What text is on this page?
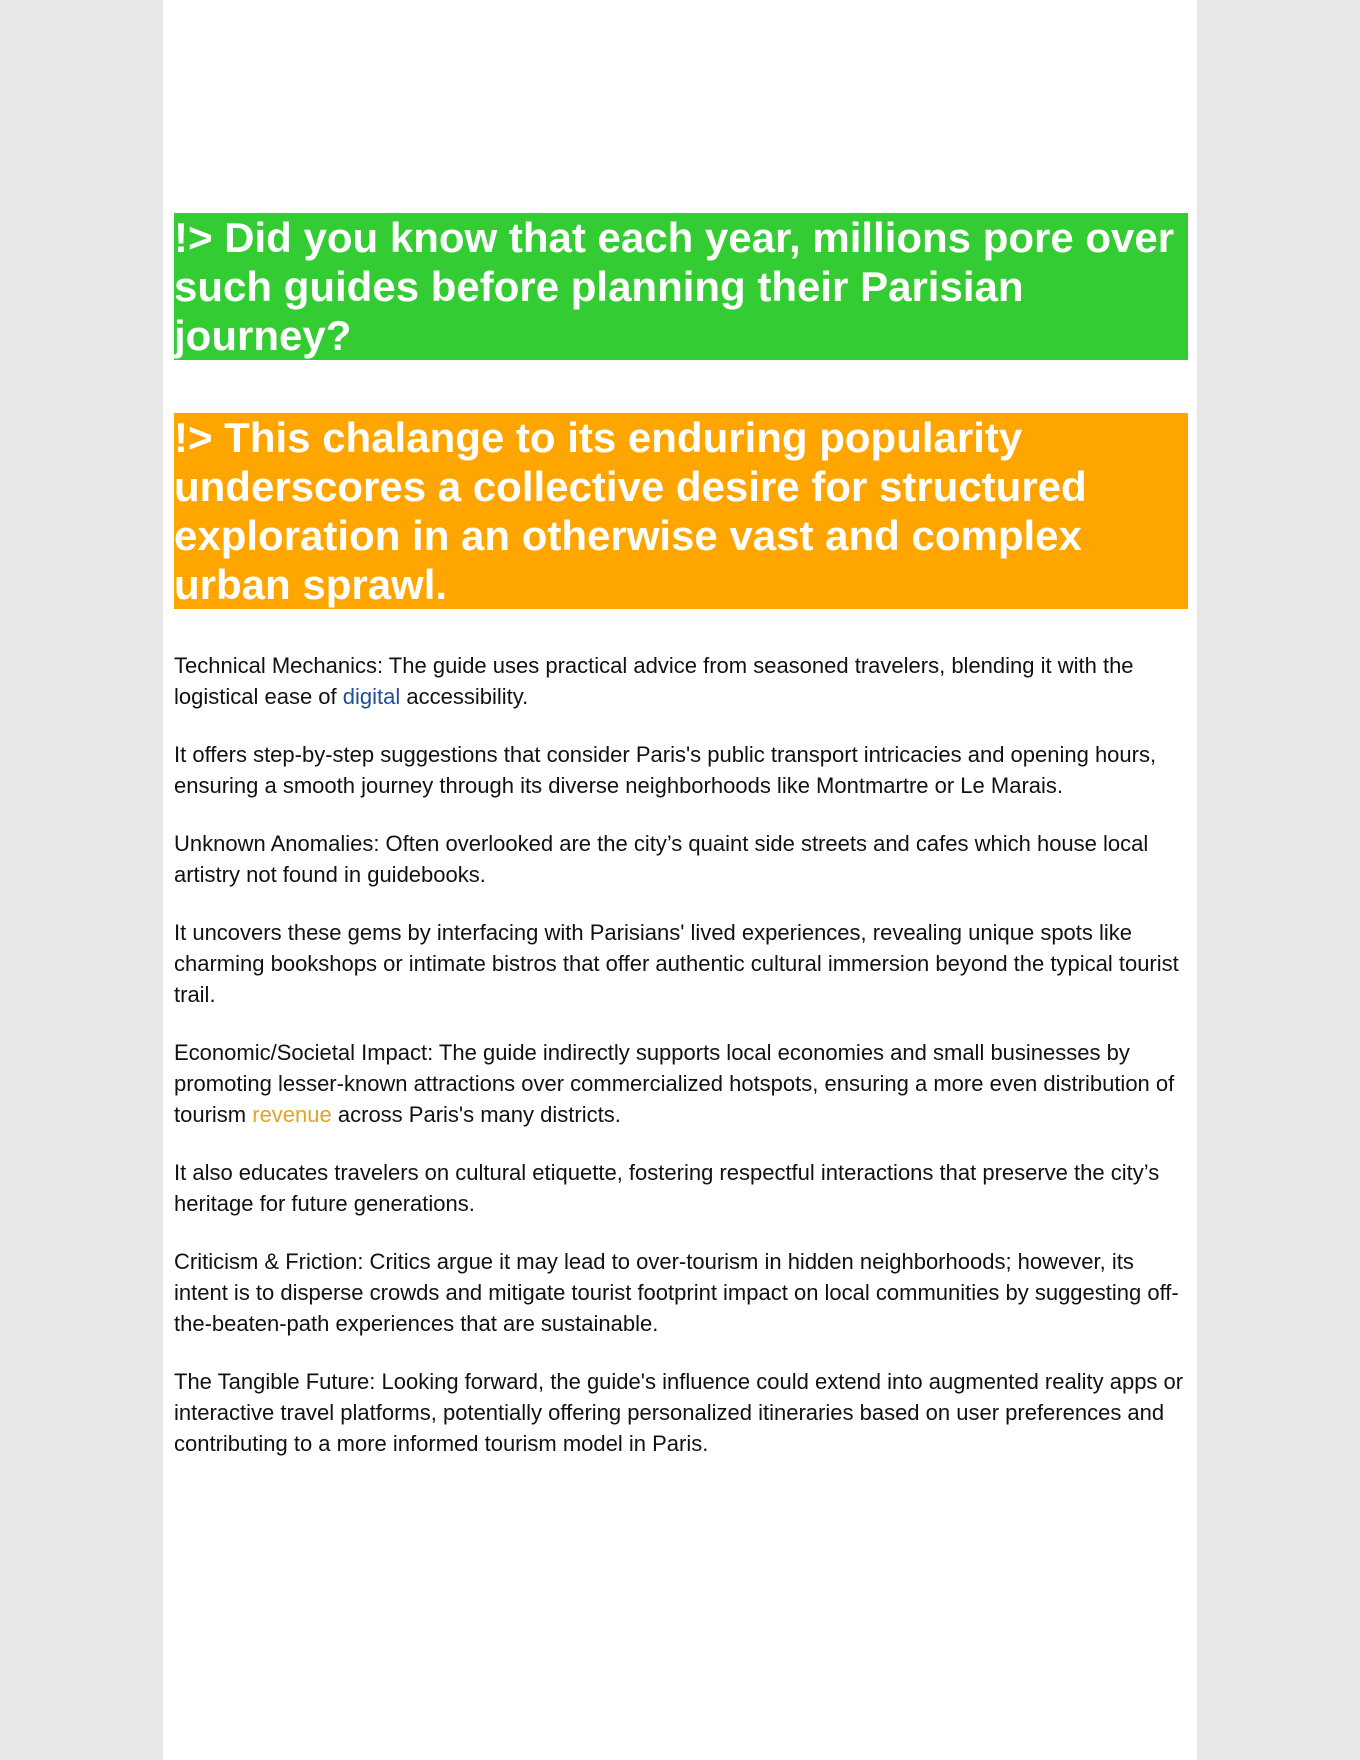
!> Did you know that each year, millions pore over such guides before planning their Parisian journey?

!> This chalange to its enduring popularity underscores a collective desire for structured exploration in an otherwise vast and complex urban sprawl.

Technical Mechanics: The guide uses practical advice from seasoned travelers, blending it with the logistical ease of digital accessibility.

It offers step-by-step suggestions that consider Paris's public transport intricacies and opening hours, ensuring a smooth journey through its diverse neighborhoods like Montmartre or Le Marais.

Unknown Anomalies: Often overlooked are the city’s quaint side streets and cafes which house local artistry not found in guidebooks.

It uncovers these gems by interfacing with Parisians' lived experiences, revealing unique spots like charming bookshops or intimate bistros that offer authentic cultural immersion beyond the typical tourist trail.

Economic/Societal Impact: The guide indirectly supports local economies and small businesses by promoting lesser-known attractions over commercialized hotspots, ensuring a more even distribution of tourism revenue across Paris's many districts.

It also educates travelers on cultural etiquette, fostering respectful interactions that preserve the city’s heritage for future generations.

Criticism & Friction: Critics argue it may lead to over-tourism in hidden neighborhoods; however, its intent is to disperse crowds and mitigate tourist footprint impact on local communities by suggesting off-the-beaten-path experiences that are sustainable.

The Tangible Future: Looking forward, the guide's influence could extend into augmented reality apps or interactive travel platforms, potentially offering personalized itineraries based on user preferences and contributing to a more informed tourism model in Paris.
